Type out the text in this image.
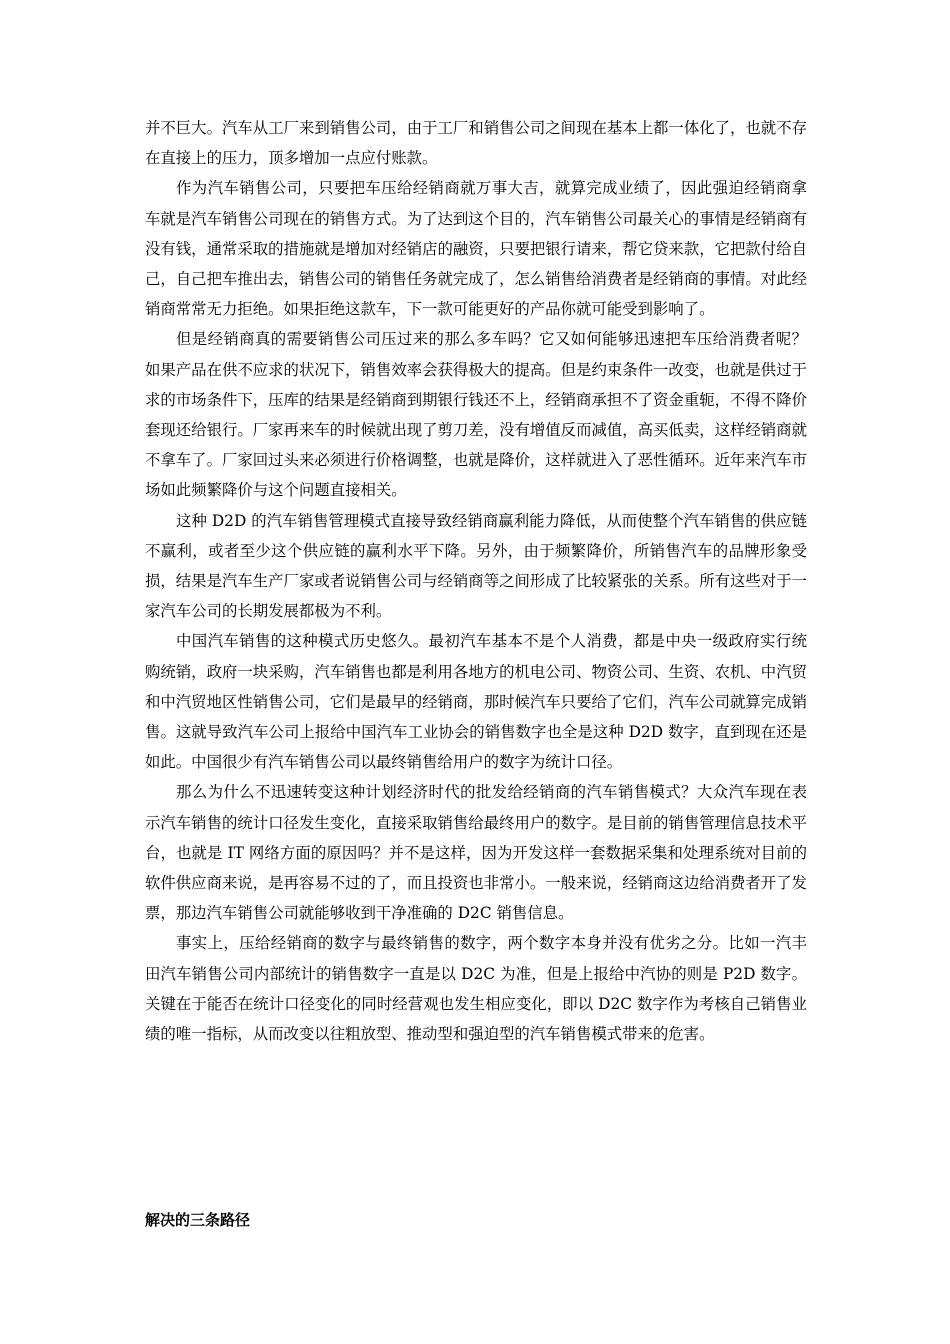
并不巨大。汽车从工厂来到销售公司，由于工厂和销售公司之间现在基本上都一体化了，也就不存在直接上的压力，顶多增加一点应付账款。

作为汽车销售公司，只要把车压给经销商就万事大吉，就算完成业绩了，因此强迫经销商拿车就是汽车销售公司现在的销售方式。为了达到这个目的，汽车销售公司最关心的事情是经销商有没有钱，通常采取的措施就是增加对经销店的融资，只要把银行请来，帮它贷来款，它把款付给自己，自己把车推出去，销售公司的销售任务就完成了，怎么销售给消费者是经销商的事情。对此经销商常常无力拒绝。如果拒绝这款车，下一款可能更好的产品你就可能受到影响了。

但是经销商真的需要销售公司压过来的那么多车吗？它又如何能够迅速把车压给消费者呢？如果产品在供不应求的状况下，销售效率会获得极大的提高。但是约束条件一改变，也就是供过于求的市场条件下，压库的结果是经销商到期银行钱还不上，经销商承担不了资金重轭，不得不降价套现还给银行。厂家再来车的时候就出现了剪刀差，没有增值反而减值，高买低卖，这样经销商就不拿车了。厂家回过头来必须进行价格调整，也就是降价，这样就进入了恶性循环。近年来汽车市场如此频繁降价与这个问题直接相关。

这种 D2D 的汽车销售管理模式直接导致经销商赢利能力降低，从而使整个汽车销售的供应链不赢利，或者至少这个供应链的赢利水平下降。另外，由于频繁降价，所销售汽车的品牌形象受损，结果是汽车生产厂家或者说销售公司与经销商等之间形成了比较紧张的关系。所有这些对于一家汽车公司的长期发展都极为不利。

中国汽车销售的这种模式历史悠久。最初汽车基本不是个人消费，都是中央一级政府实行统购统销，政府一块采购，汽车销售也都是利用各地方的机电公司、物资公司、生资、农机、中汽贸和中汽贸地区性销售公司，它们是最早的经销商，那时候汽车只要给了它们，汽车公司就算完成销售。这就导致汽车公司上报给中国汽车工业协会的销售数字也全是这种 D2D 数字，直到现在还是如此。中国很少有汽车销售公司以最终销售给用户的数字为统计口径。

那么为什么不迅速转变这种计划经济时代的批发给经销商的汽车销售模式？大众汽车现在表示汽车销售的统计口径发生变化，直接采取销售给最终用户的数字。是目前的销售管理信息技术平台，也就是 IT 网络方面的原因吗？并不是这样，因为开发这样一套数据采集和处理系统对目前的软件供应商来说，是再容易不过的了，而且投资也非常小。一般来说，经销商这边给消费者开了发票，那边汽车销售公司就能够收到干净准确的 D2C 销售信息。

事实上，压给经销商的数字与最终销售的数字，两个数字本身并没有优劣之分。比如一汽丰田汽车销售公司内部统计的销售数字一直是以 D2C 为准，但是上报给中汽协的则是 P2D 数字。关键在于能否在统计口径变化的同时经营观也发生相应变化，即以 D2C 数字作为考核自己销售业绩的唯一指标，从而改变以往粗放型、推动型和强迫型的汽车销售模式带来的危害。

解决的三条路径
